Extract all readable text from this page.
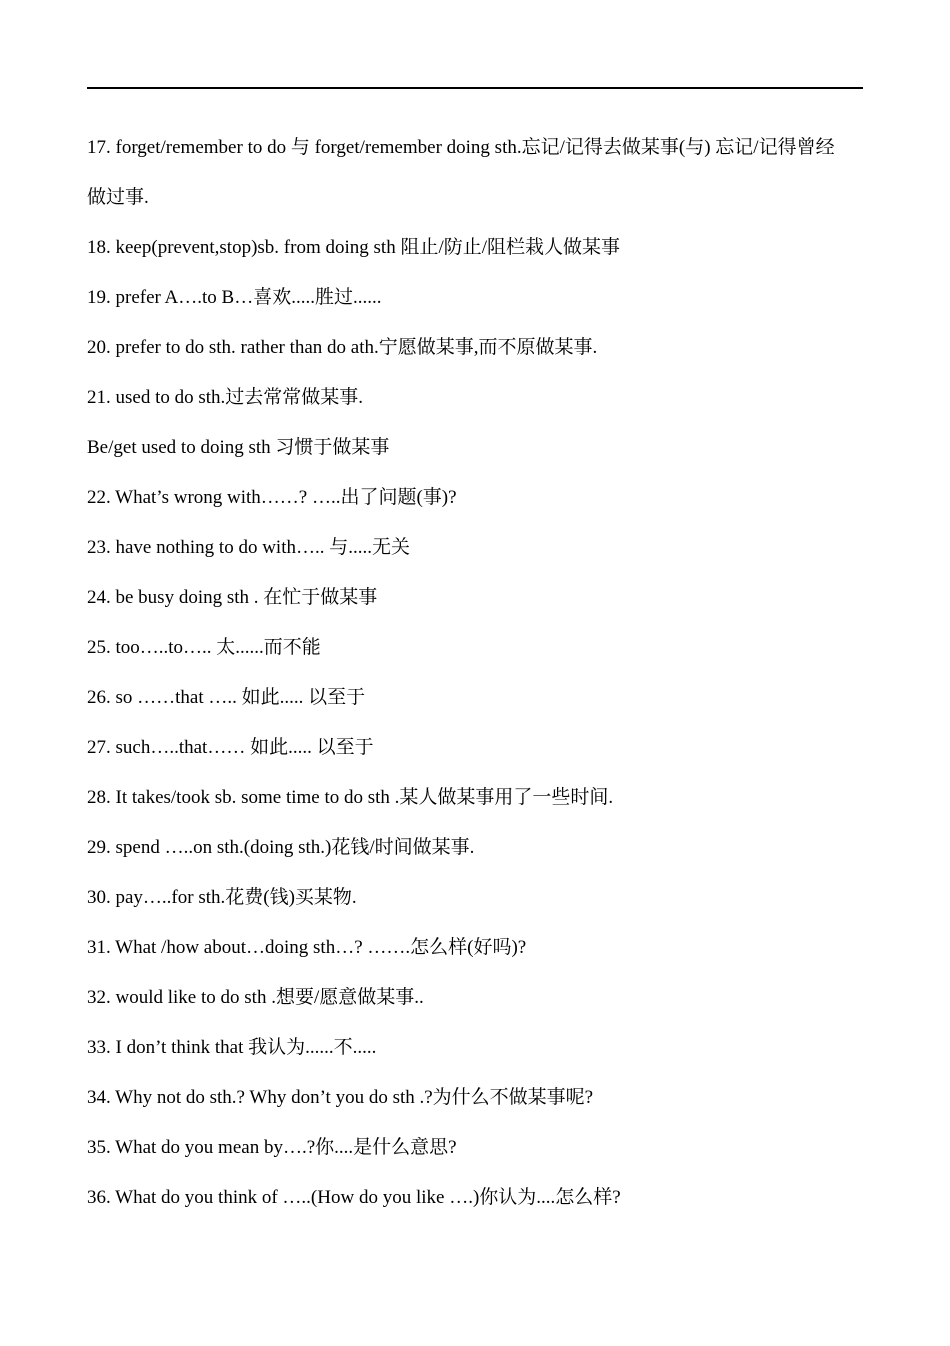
17. forget/remember to do 与 forget/remember doing sth.忘记/记得去做某事(与) 忘记/记得曾经
做过事.
18. keep(prevent,stop)sb. from doing sth 阻止/防止/阻栏栽人做某事
19. prefer A….to B…喜欢.....胜过......
20. prefer to do sth. rather than do ath.宁愿做某事,而不原做某事.
21. used to do sth.过去常常做某事.
Be/get used to doing sth 习惯于做某事
22. What’s wrong with……? …..出了问题(事)?
23. have nothing to do with….. 与.....无关
24. be busy doing sth . 在忙于做某事
25. too…..to….. 太......而不能
26. so ……that ….. 如此..... 以至于
27. such…..that…… 如此..... 以至于
28. It takes/took sb. some time to do sth .某人做某事用了一些时间.
29. spend …..on sth.(doing sth.)花钱/时间做某事.
30. pay…..for sth.花费(钱)买某物.
31. What /how about…doing sth…? …….怎么样(好吗)?
32. would like to do sth .想要/愿意做某事..
33. I don’t think that 我认为......不.....
34. Why not do sth.? Why don’t you do sth .?为什么不做某事呢?
35. What do you mean by….?你....是什么意思?
36. What do you think of …..(How do you like ….)你认为....怎么样?
